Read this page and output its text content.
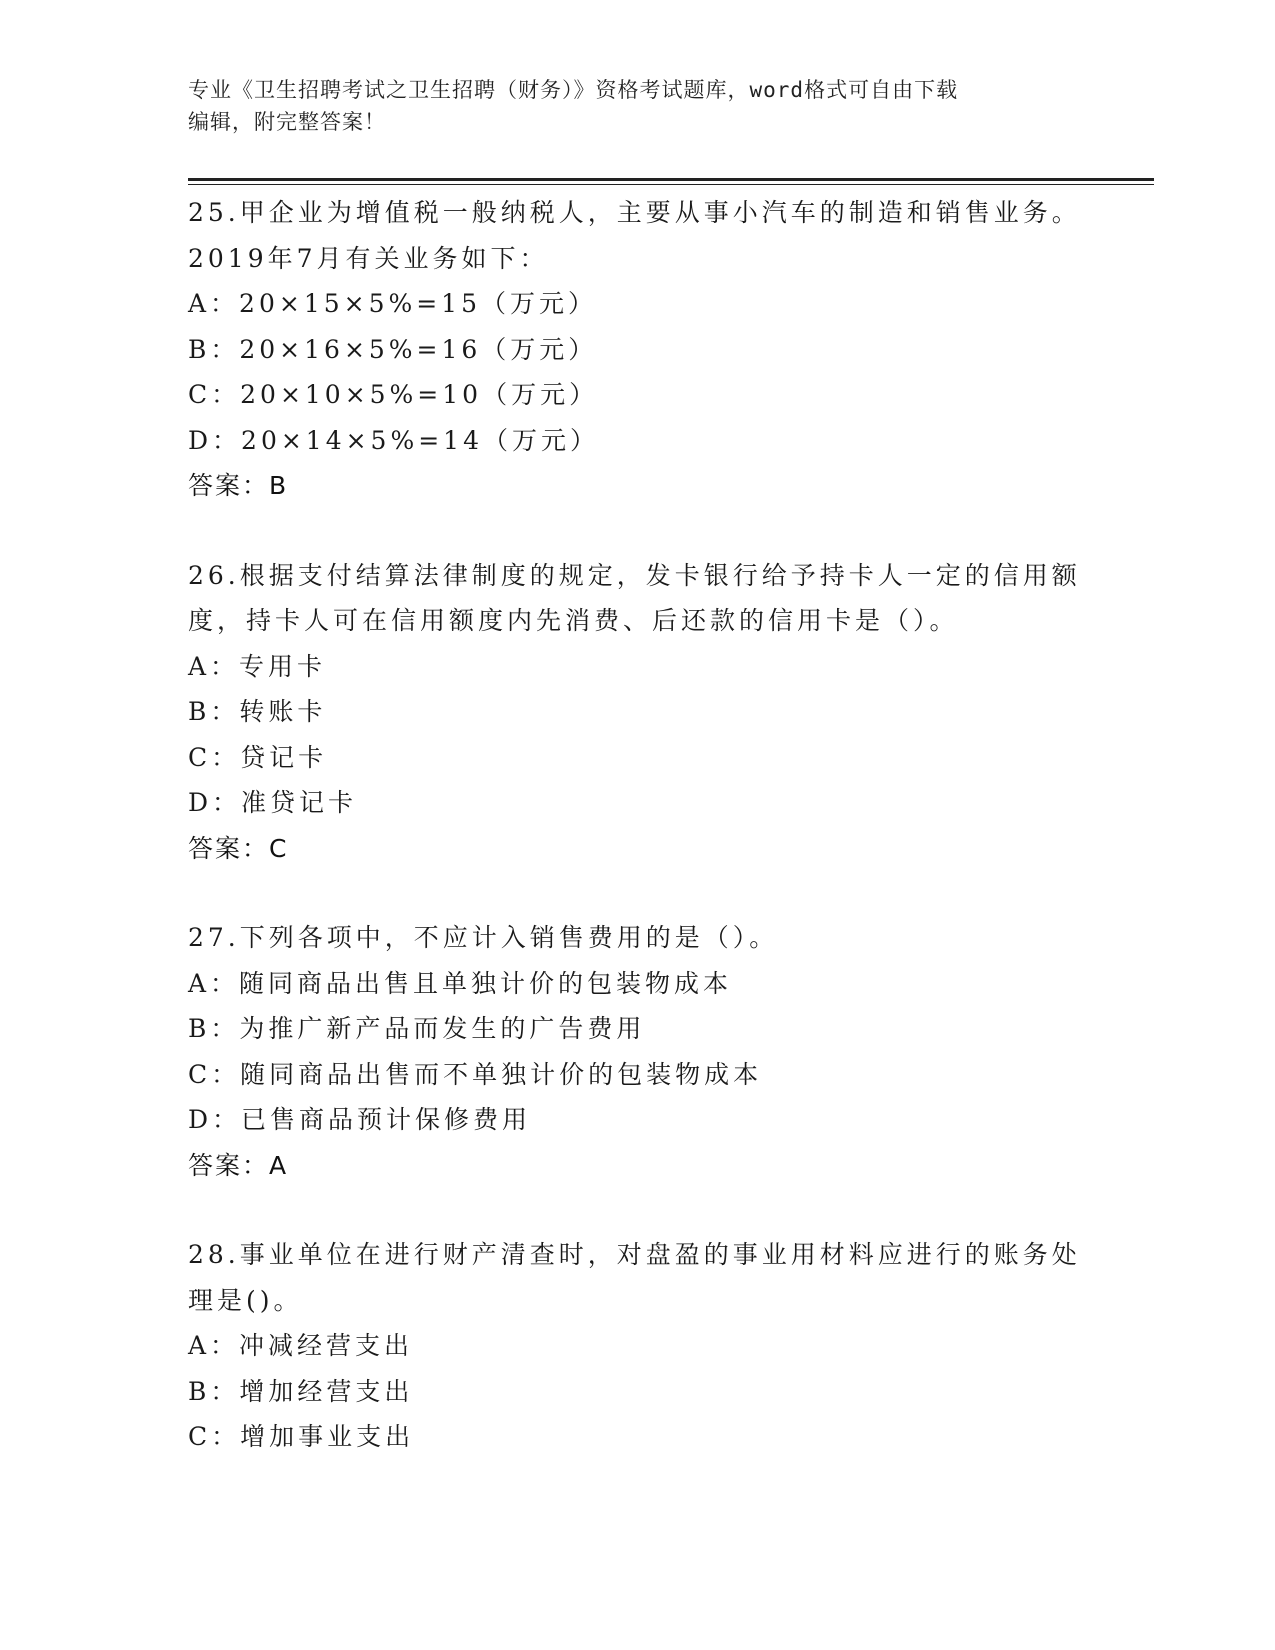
专业《卫生招聘考试之卫生招聘（财务）》资格考试题库，word格式可自由下载
编辑，附完整答案！
25.甲企业为增值税一般纳税人，主要从事小汽车的制造和销售业务。
2019年7月有关业务如下：
A：20×15×5%=15（万元）
B：20×16×5%=16（万元）
C：20×10×5%=10（万元）
D：20×14×5%=14（万元）
答案：B
26.根据支付结算法律制度的规定，发卡银行给予持卡人一定的信用额
度，持卡人可在信用额度内先消费、后还款的信用卡是（）。
A：专用卡
B：转账卡
C：贷记卡
D：准贷记卡
答案：C
27.下列各项中，不应计入销售费用的是（）。
A：随同商品出售且单独计价的包装物成本
B：为推广新产品而发生的广告费用
C：随同商品出售而不单独计价的包装物成本
D：已售商品预计保修费用
答案：A
28.事业单位在进行财产清查时，对盘盈的事业用材料应进行的账务处
理是()。
A：冲减经营支出
B：增加经营支出
C：增加事业支出
